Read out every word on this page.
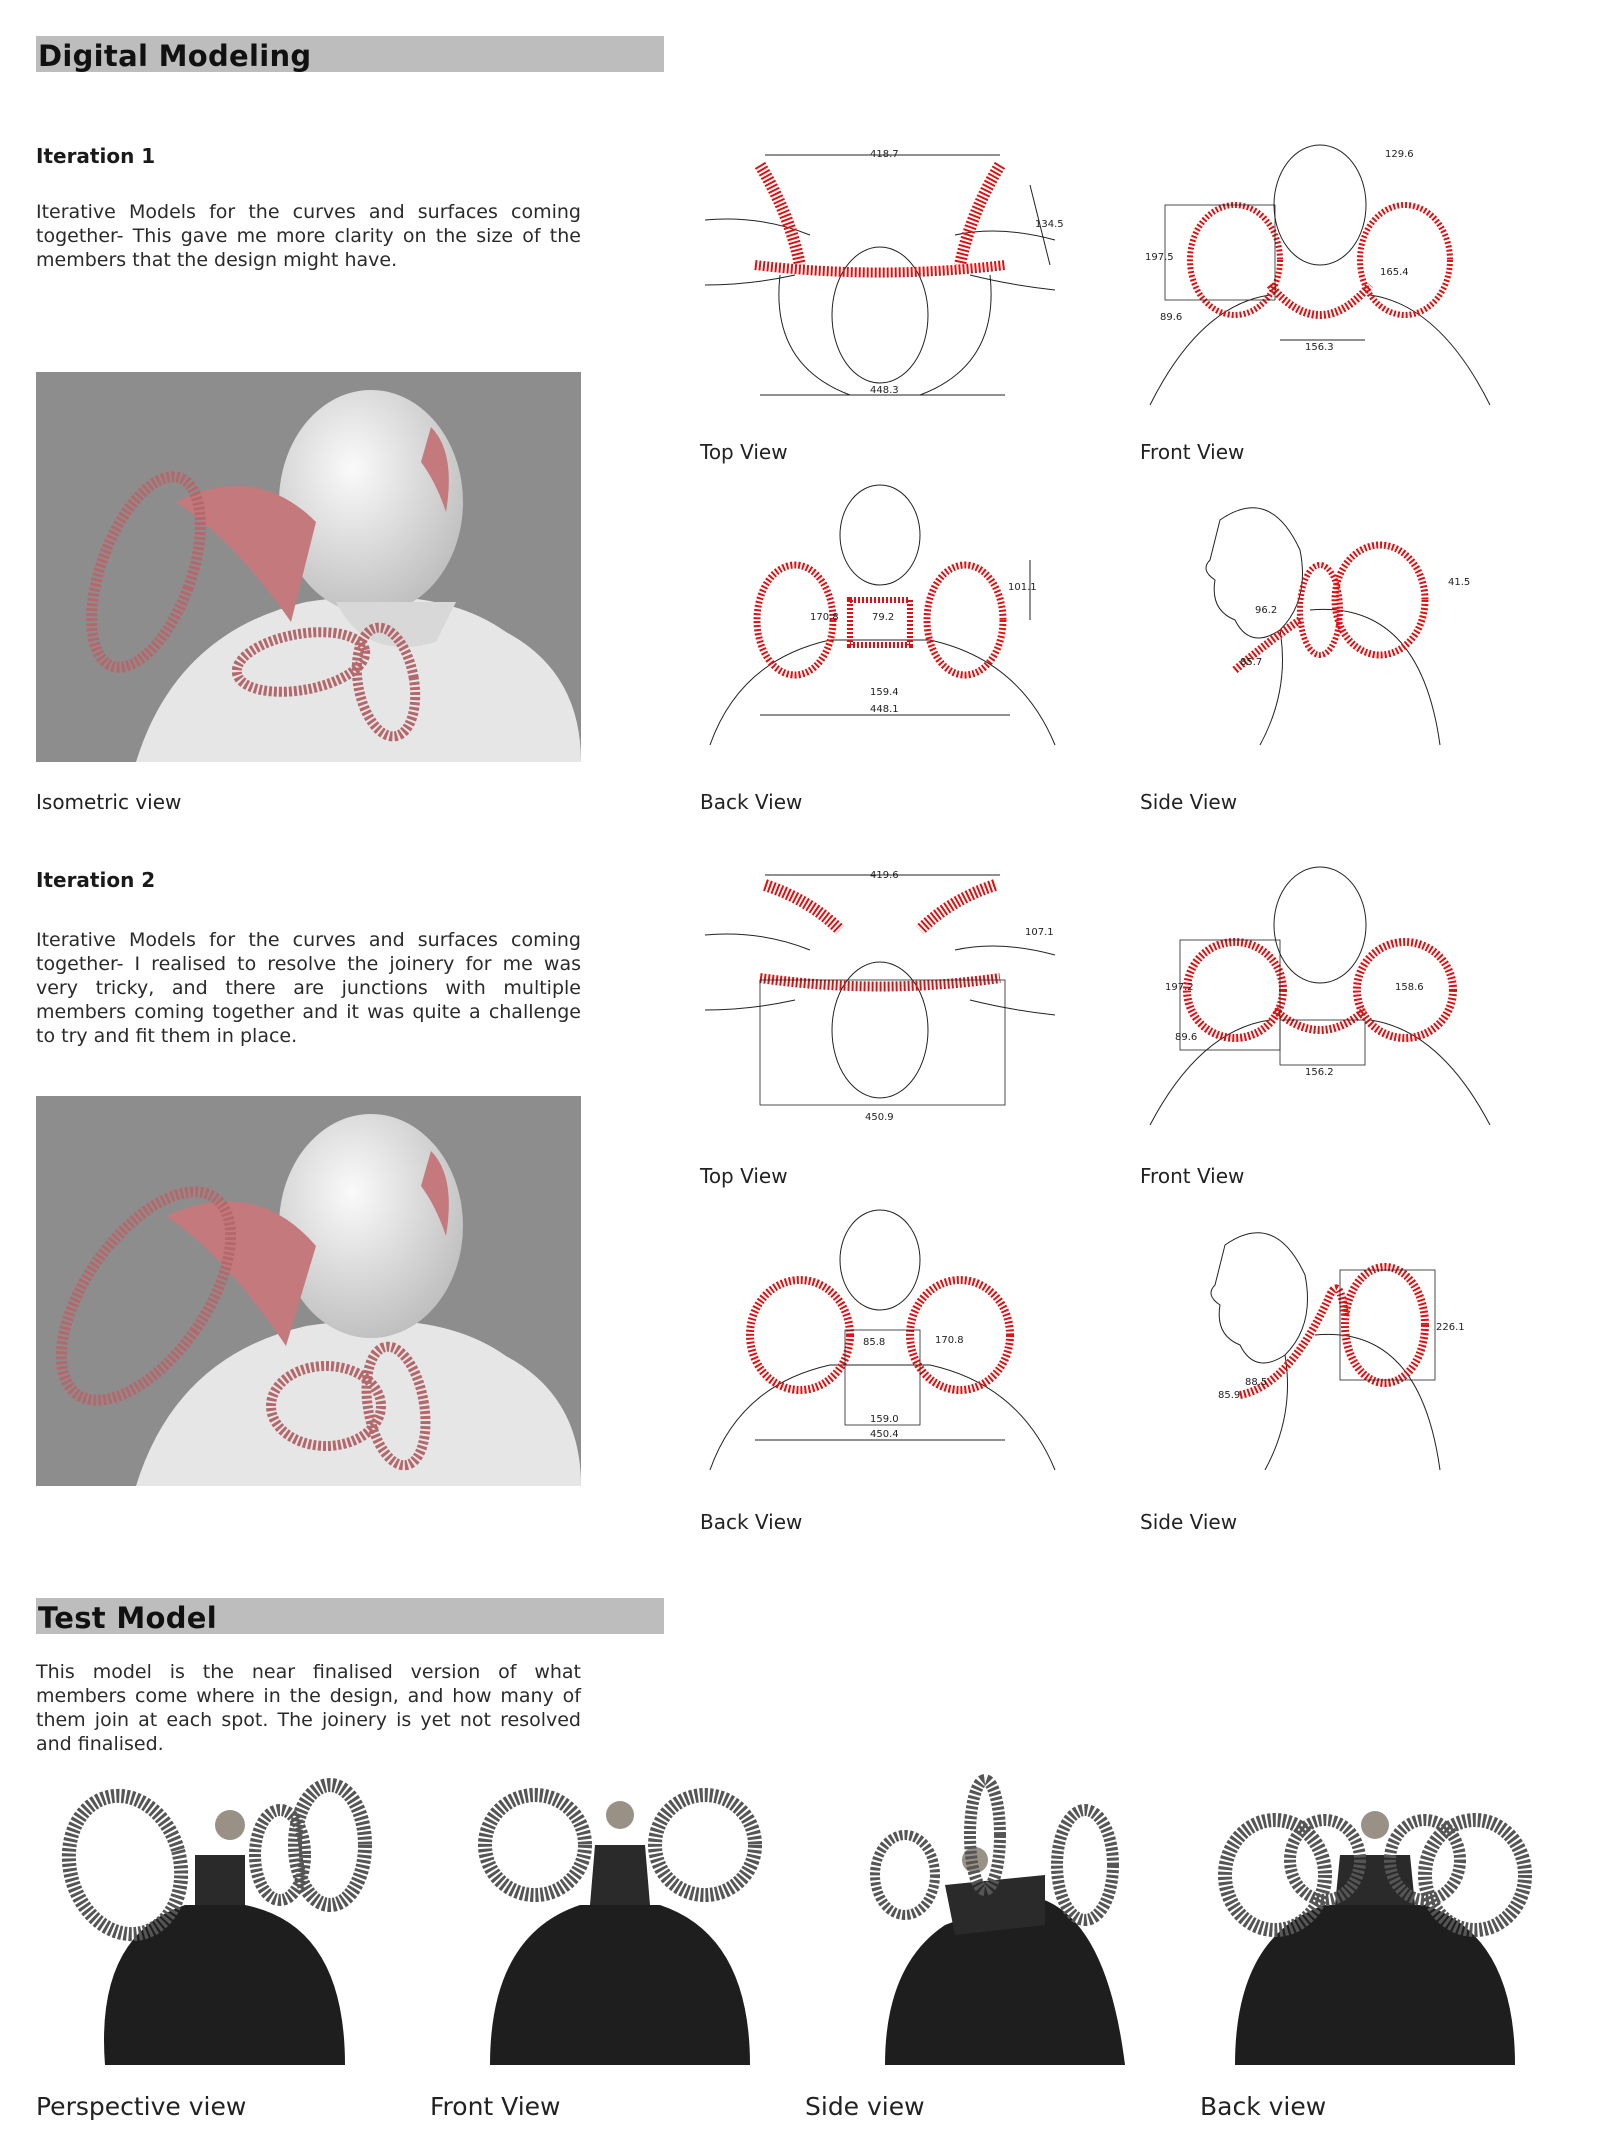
Digital Modeling
Iteration 1
Iterative Models for the curves and surfaces coming together- This gave me more clarity on the size of the members that the design might have.
Isometric view
418.7
134.5
448.3
Top View
129.6
197.5
165.4
89.6
156.3
Front View
101.1
170.8	79.2
159.4
448.1
Back View
41.5
96.2
85.7
Side View
Iteration 2
Iterative Models for the curves and surfaces coming together- I realised to resolve the joinery for me was very tricky, and there are junctions with multiple members coming together and it was quite a challenge to try and fit them in place.
419.6
107.1
450.9
Top View
197.2	158.6
89.6
156.2
Front View
85.8	170.8
159.0
450.4
Back View
226.1
88.5
85.9
Side View
Test Model
This model is the near finalised version of what members come where in the design, and how many of them join at each spot. The joinery is yet not resolved and finalised.
Perspective view	Front View	Side view	Back view
